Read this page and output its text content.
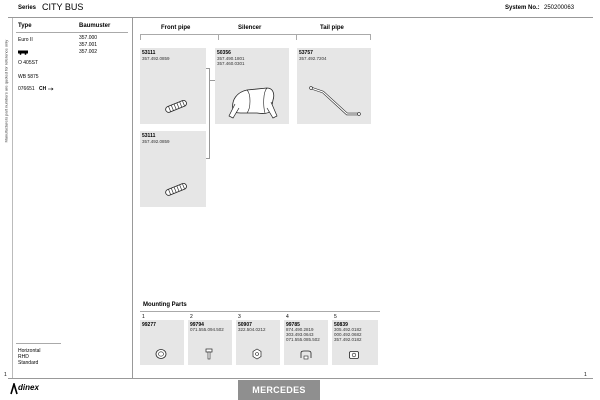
Series CITY BUS	System No.: 250200063
Manufacturers part numbers are quoted for reference only
Type	Baumuster
Euro II	357.000
357.001
357.002
O 405ST
WB 5875
076651 CH
Horizontal
RHD
Standard
Front pipe	Silencer	Tail pipe
53111
357.492.0859
50356
357.490.1801
357.460.0301
53757
357.492.7204
53111
357.492.0859
Mounting Parts
1
99277
2
99794
071.555.094.502
3
50907
322.504.0212
4
99785
874.490.2819
303.493.0643
071.555.085.502
5
50839
305.492.0182
000.492.0682
357.492.0182
1	1
dinex	MERCEDES
